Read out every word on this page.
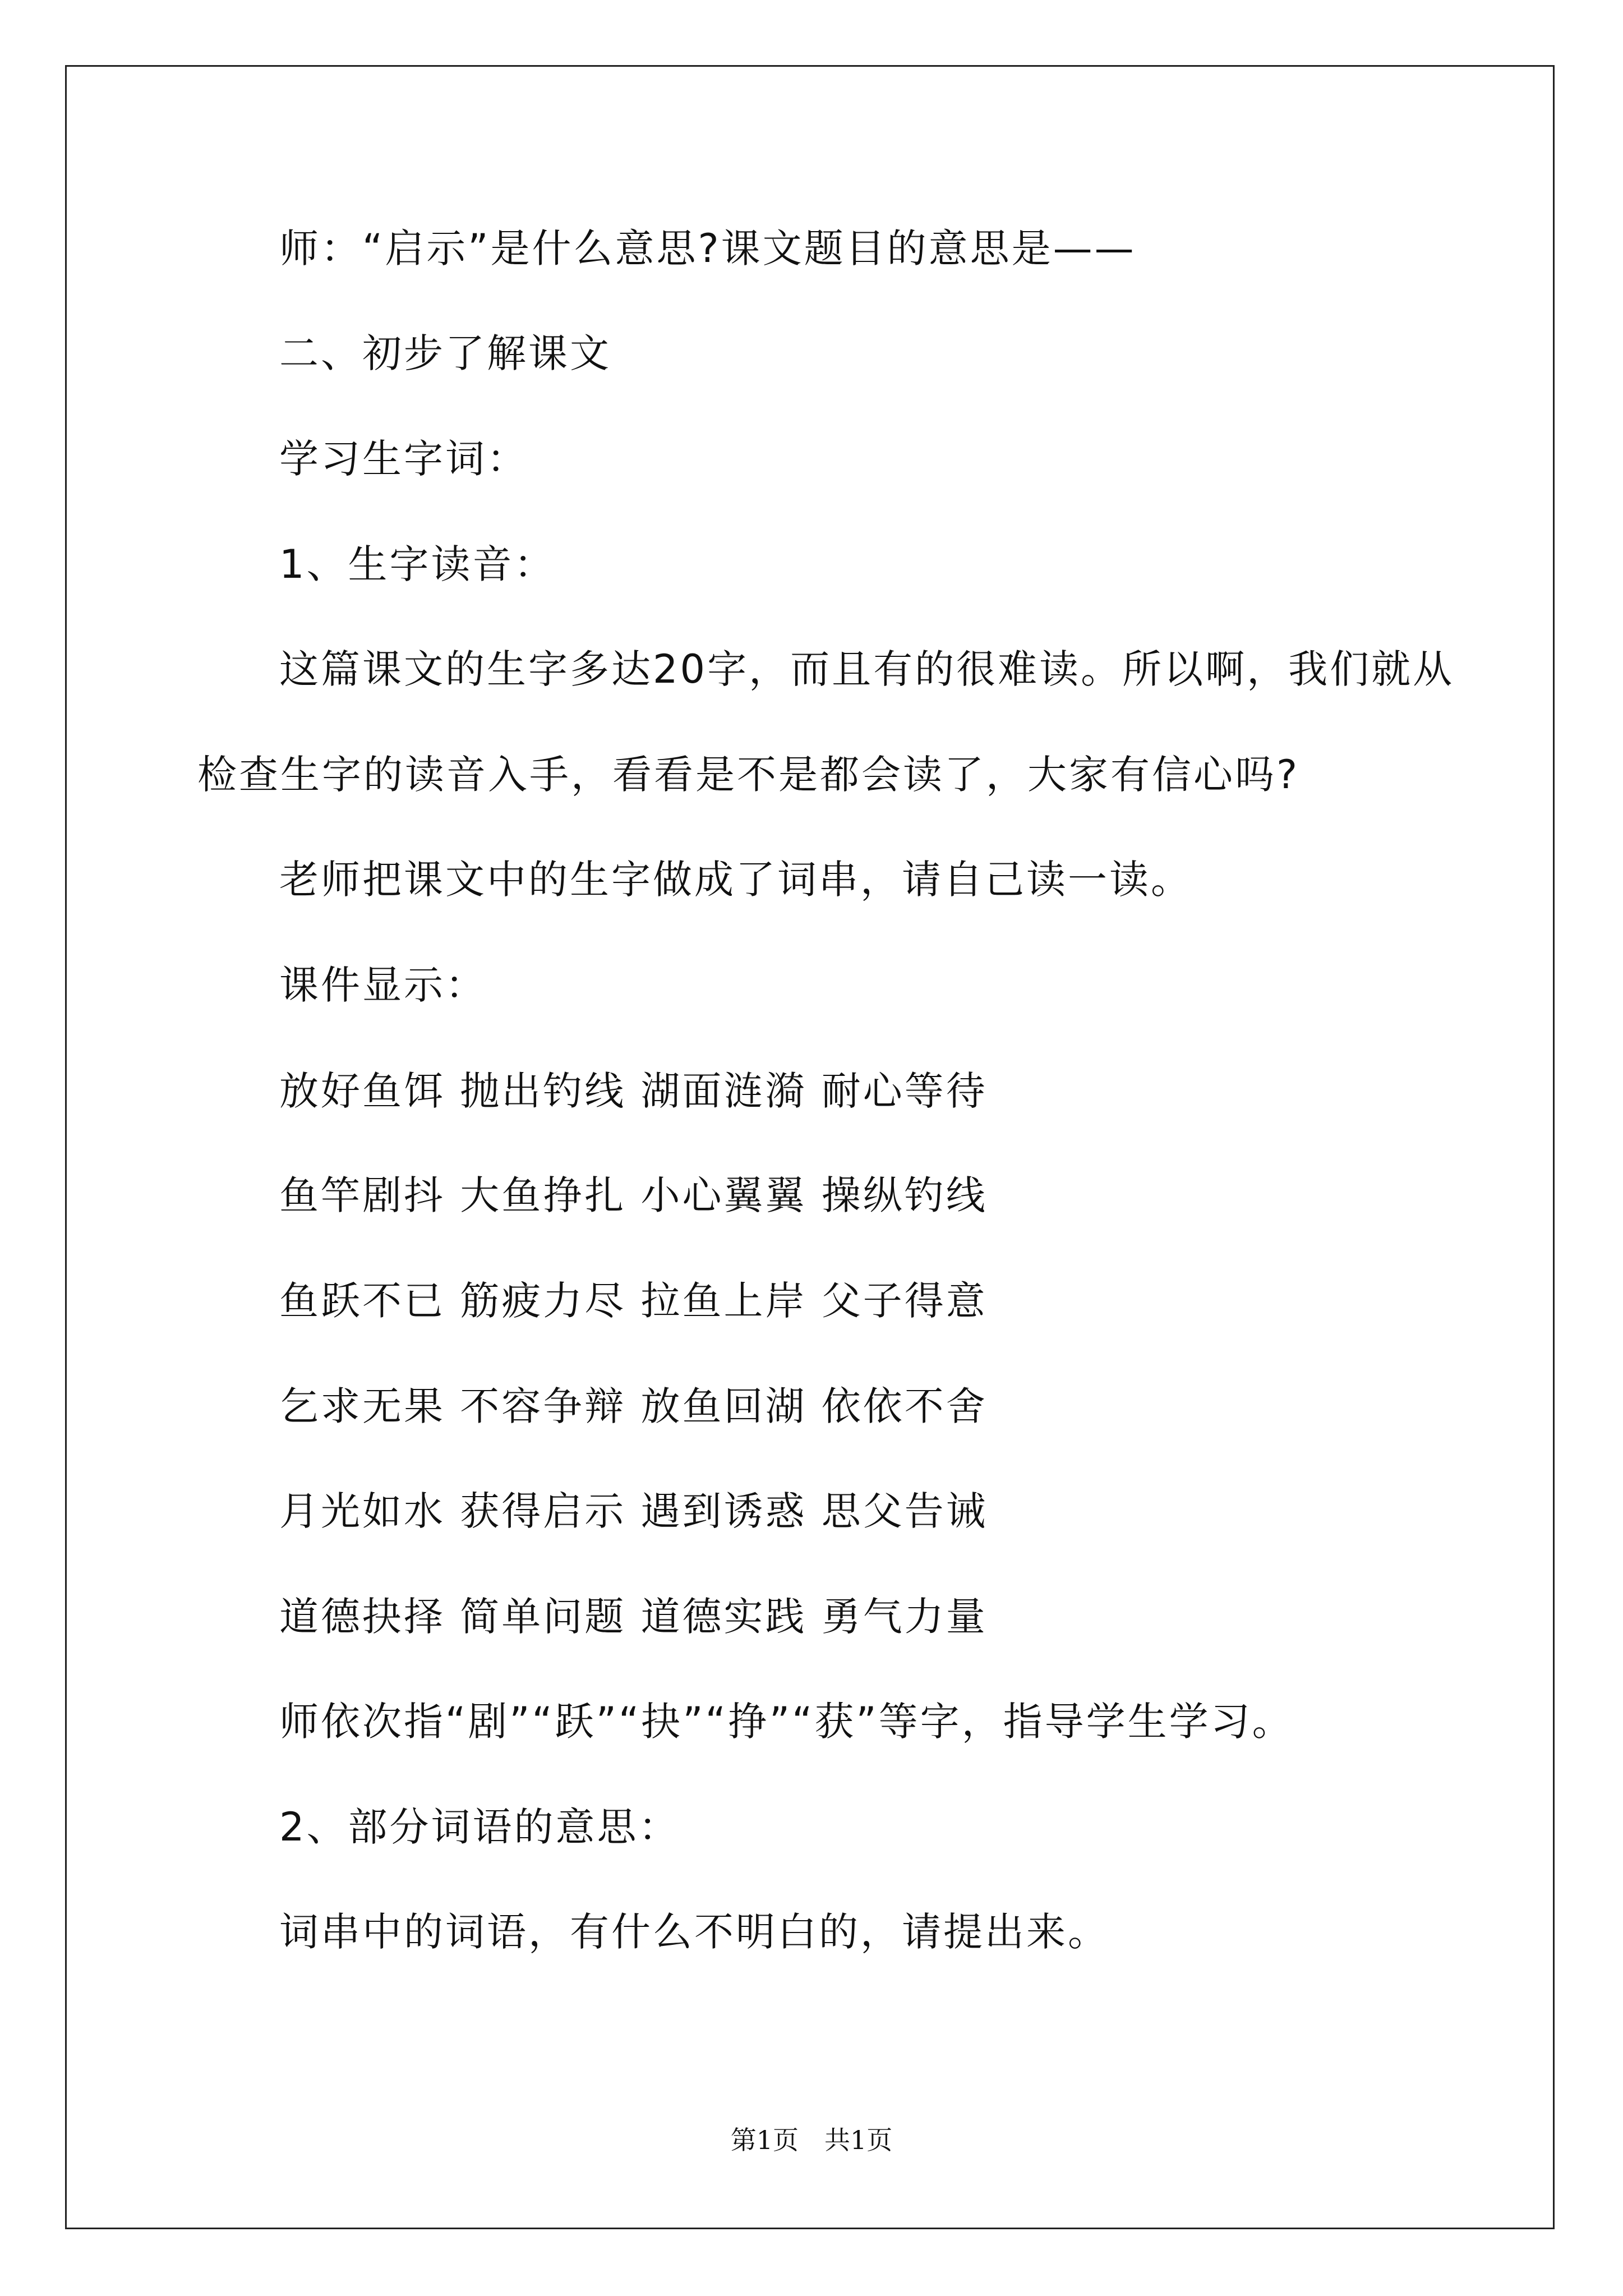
师：“启示”是什么意思?课文题目的意思是——
二、初步了解课文
学习生字词：
1、生字读音：
这篇课文的生字多达20字，而且有的很难读。所以啊，我们就从
检查生字的读音入手，看看是不是都会读了，大家有信心吗?
老师把课文中的生字做成了词串，请自己读一读。
课件显示：
放好鱼饵 抛出钓线 湖面涟漪 耐心等待
鱼竿剧抖 大鱼挣扎 小心翼翼 操纵钓线
鱼跃不已 筋疲力尽 拉鱼上岸 父子得意
乞求无果 不容争辩 放鱼回湖 依依不舍
月光如水 获得启示 遇到诱惑 思父告诫
道德抉择 简单问题 道德实践 勇气力量
师依次指“剧”“跃”“抉”“挣”“获”等字，指导学生学习。
2、部分词语的意思：
词串中的词语，有什么不明白的，请提出来。
第1页　共1页
